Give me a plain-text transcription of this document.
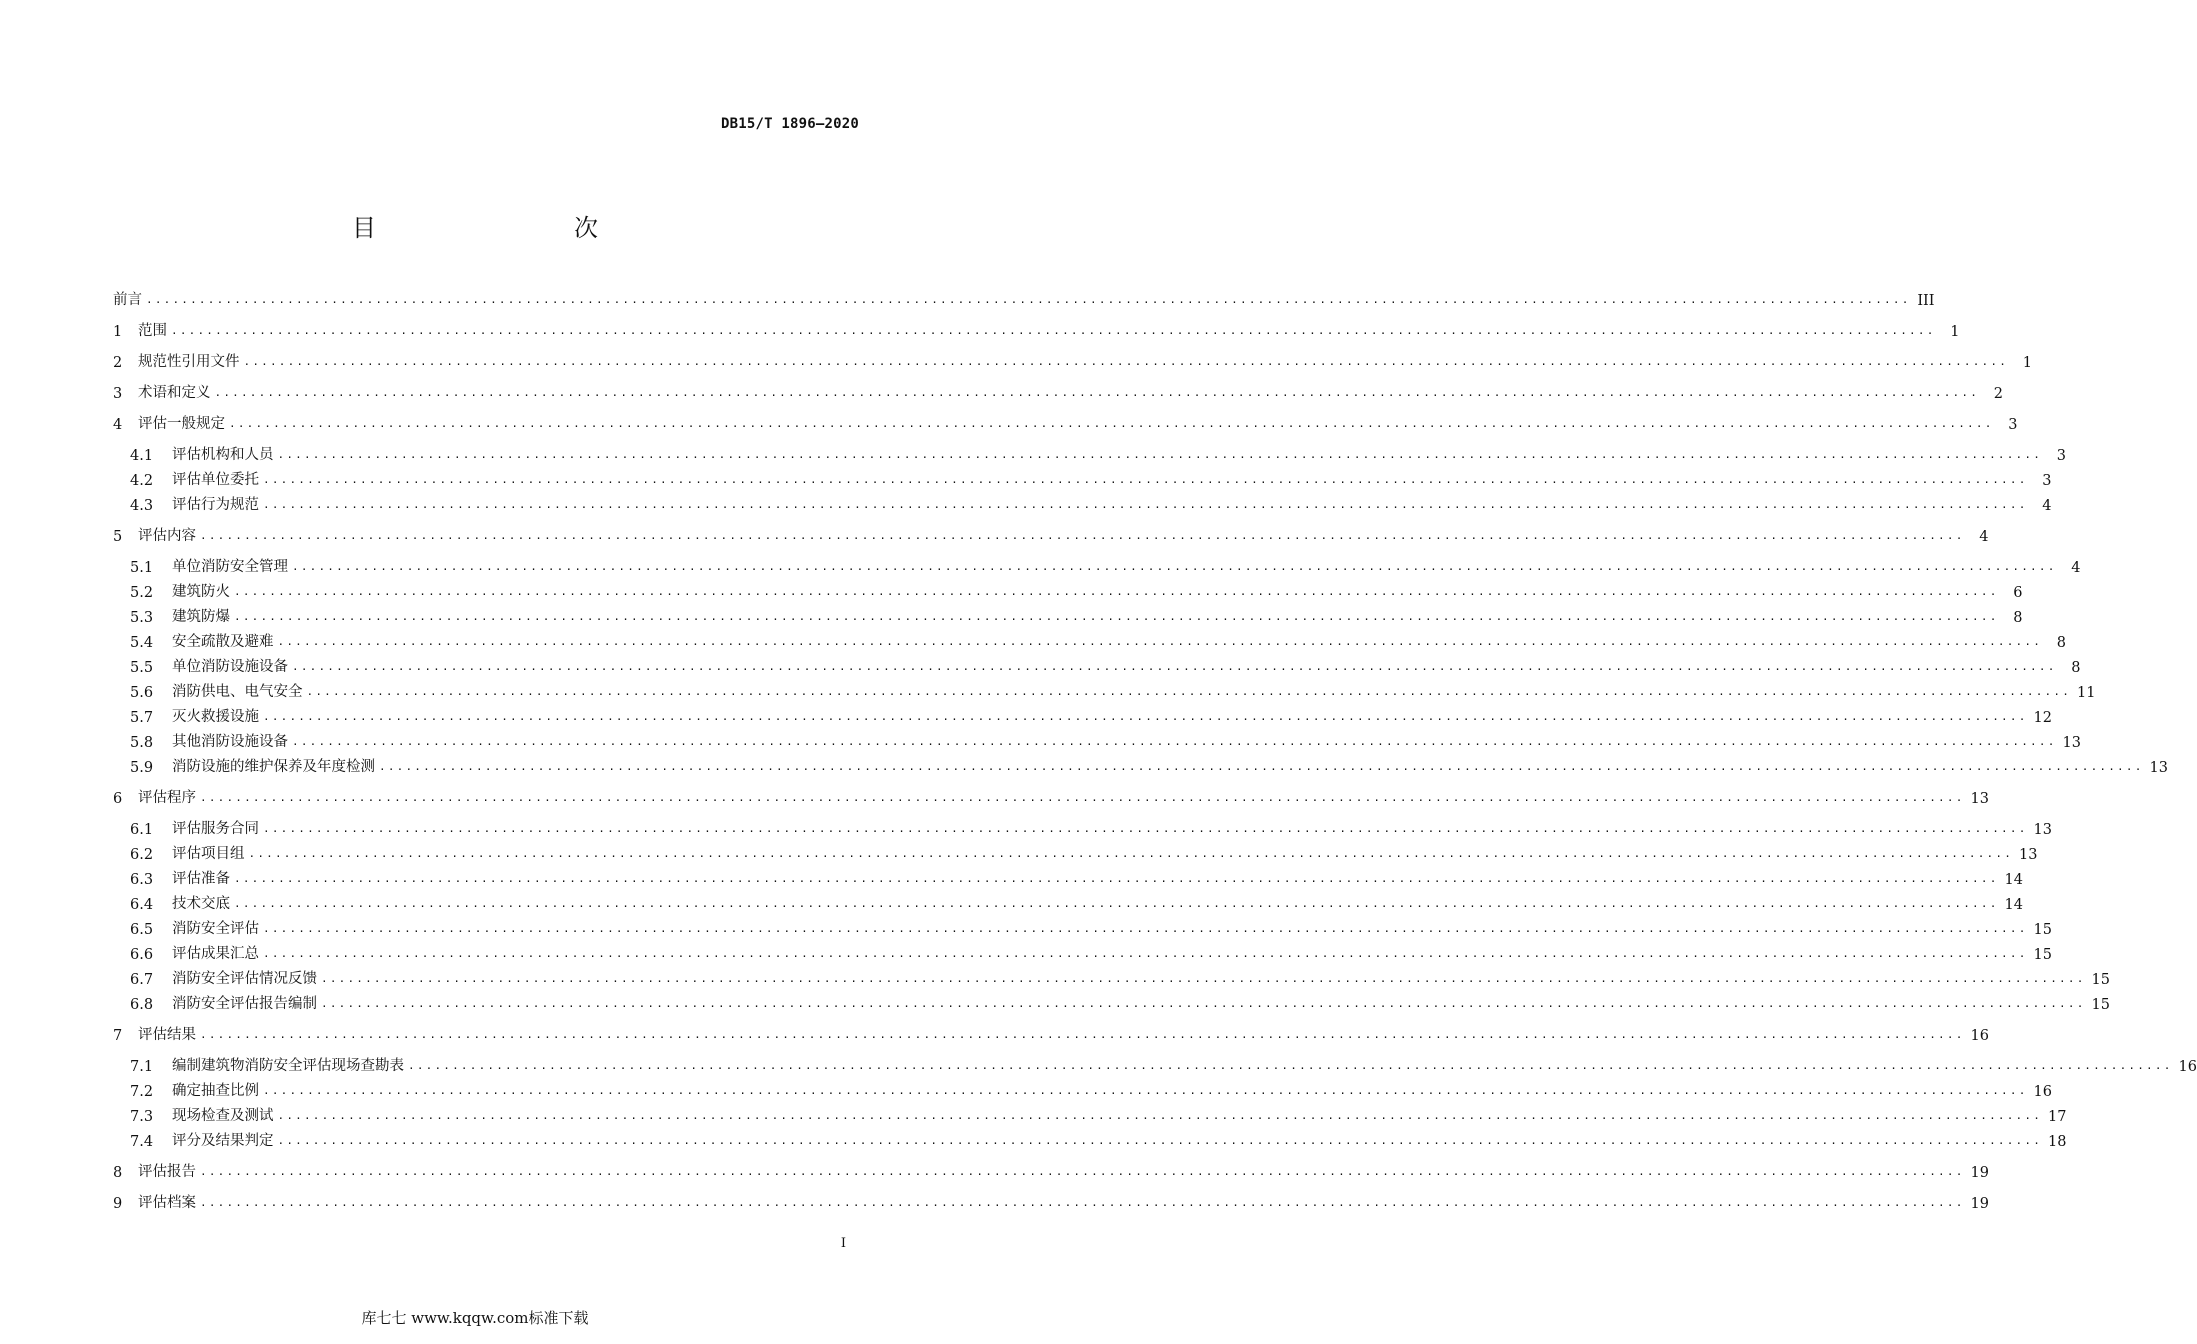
DB15/T 1896—2020
目　　次
前言 ........................................................................................................................................................................................................ III
1	范围 ........................................................................................................................................................................................................	1
2	规范性引用文件 ........................................................................................................................................................................................................	1
3	术语和定义 ........................................................................................................................................................................................................	2
4	评估一般规定 ........................................................................................................................................................................................................	3
4.1	评估机构和人员 ........................................................................................................................................................................................................	3
4.2	评估单位委托 ........................................................................................................................................................................................................	3
4.3	评估行为规范 ........................................................................................................................................................................................................	4
5	评估内容 ........................................................................................................................................................................................................	4
5.1	单位消防安全管理 ........................................................................................................................................................................................................	4
5.2	建筑防火 ........................................................................................................................................................................................................	6
5.3	建筑防爆 ........................................................................................................................................................................................................	8
5.4	安全疏散及避难 ........................................................................................................................................................................................................	8
5.5	单位消防设施设备 ........................................................................................................................................................................................................	8
5.6	消防供电、电气安全 ........................................................................................................................................................................................................ 11
5.7	灭火救援设施 ........................................................................................................................................................................................................ 12
5.8	其他消防设施设备 ........................................................................................................................................................................................................ 13
5.9	消防设施的维护保养及年度检测 ........................................................................................................................................................................................................ 13
6	评估程序 ........................................................................................................................................................................................................ 13
6.1	评估服务合同 ........................................................................................................................................................................................................ 13
6.2	评估项目组 ........................................................................................................................................................................................................ 13
6.3	评估准备 ........................................................................................................................................................................................................ 14
6.4	技术交底 ........................................................................................................................................................................................................ 14
6.5	消防安全评估 ........................................................................................................................................................................................................ 15
6.6	评估成果汇总 ........................................................................................................................................................................................................ 15
6.7	消防安全评估情况反馈 ........................................................................................................................................................................................................ 15
6.8	消防安全评估报告编制 ........................................................................................................................................................................................................ 15
7	评估结果 ........................................................................................................................................................................................................ 16
7.1	编制建筑物消防安全评估现场查勘表 ........................................................................................................................................................................................................ 16
7.2	确定抽查比例 ........................................................................................................................................................................................................ 16
7.3	现场检查及测试 ........................................................................................................................................................................................................ 17
7.4	评分及结果判定 ........................................................................................................................................................................................................ 18
8	评估报告 ........................................................................................................................................................................................................ 19
9	评估档案 ........................................................................................................................................................................................................ 19
I
库七七 www.kqqw.com标准下载
